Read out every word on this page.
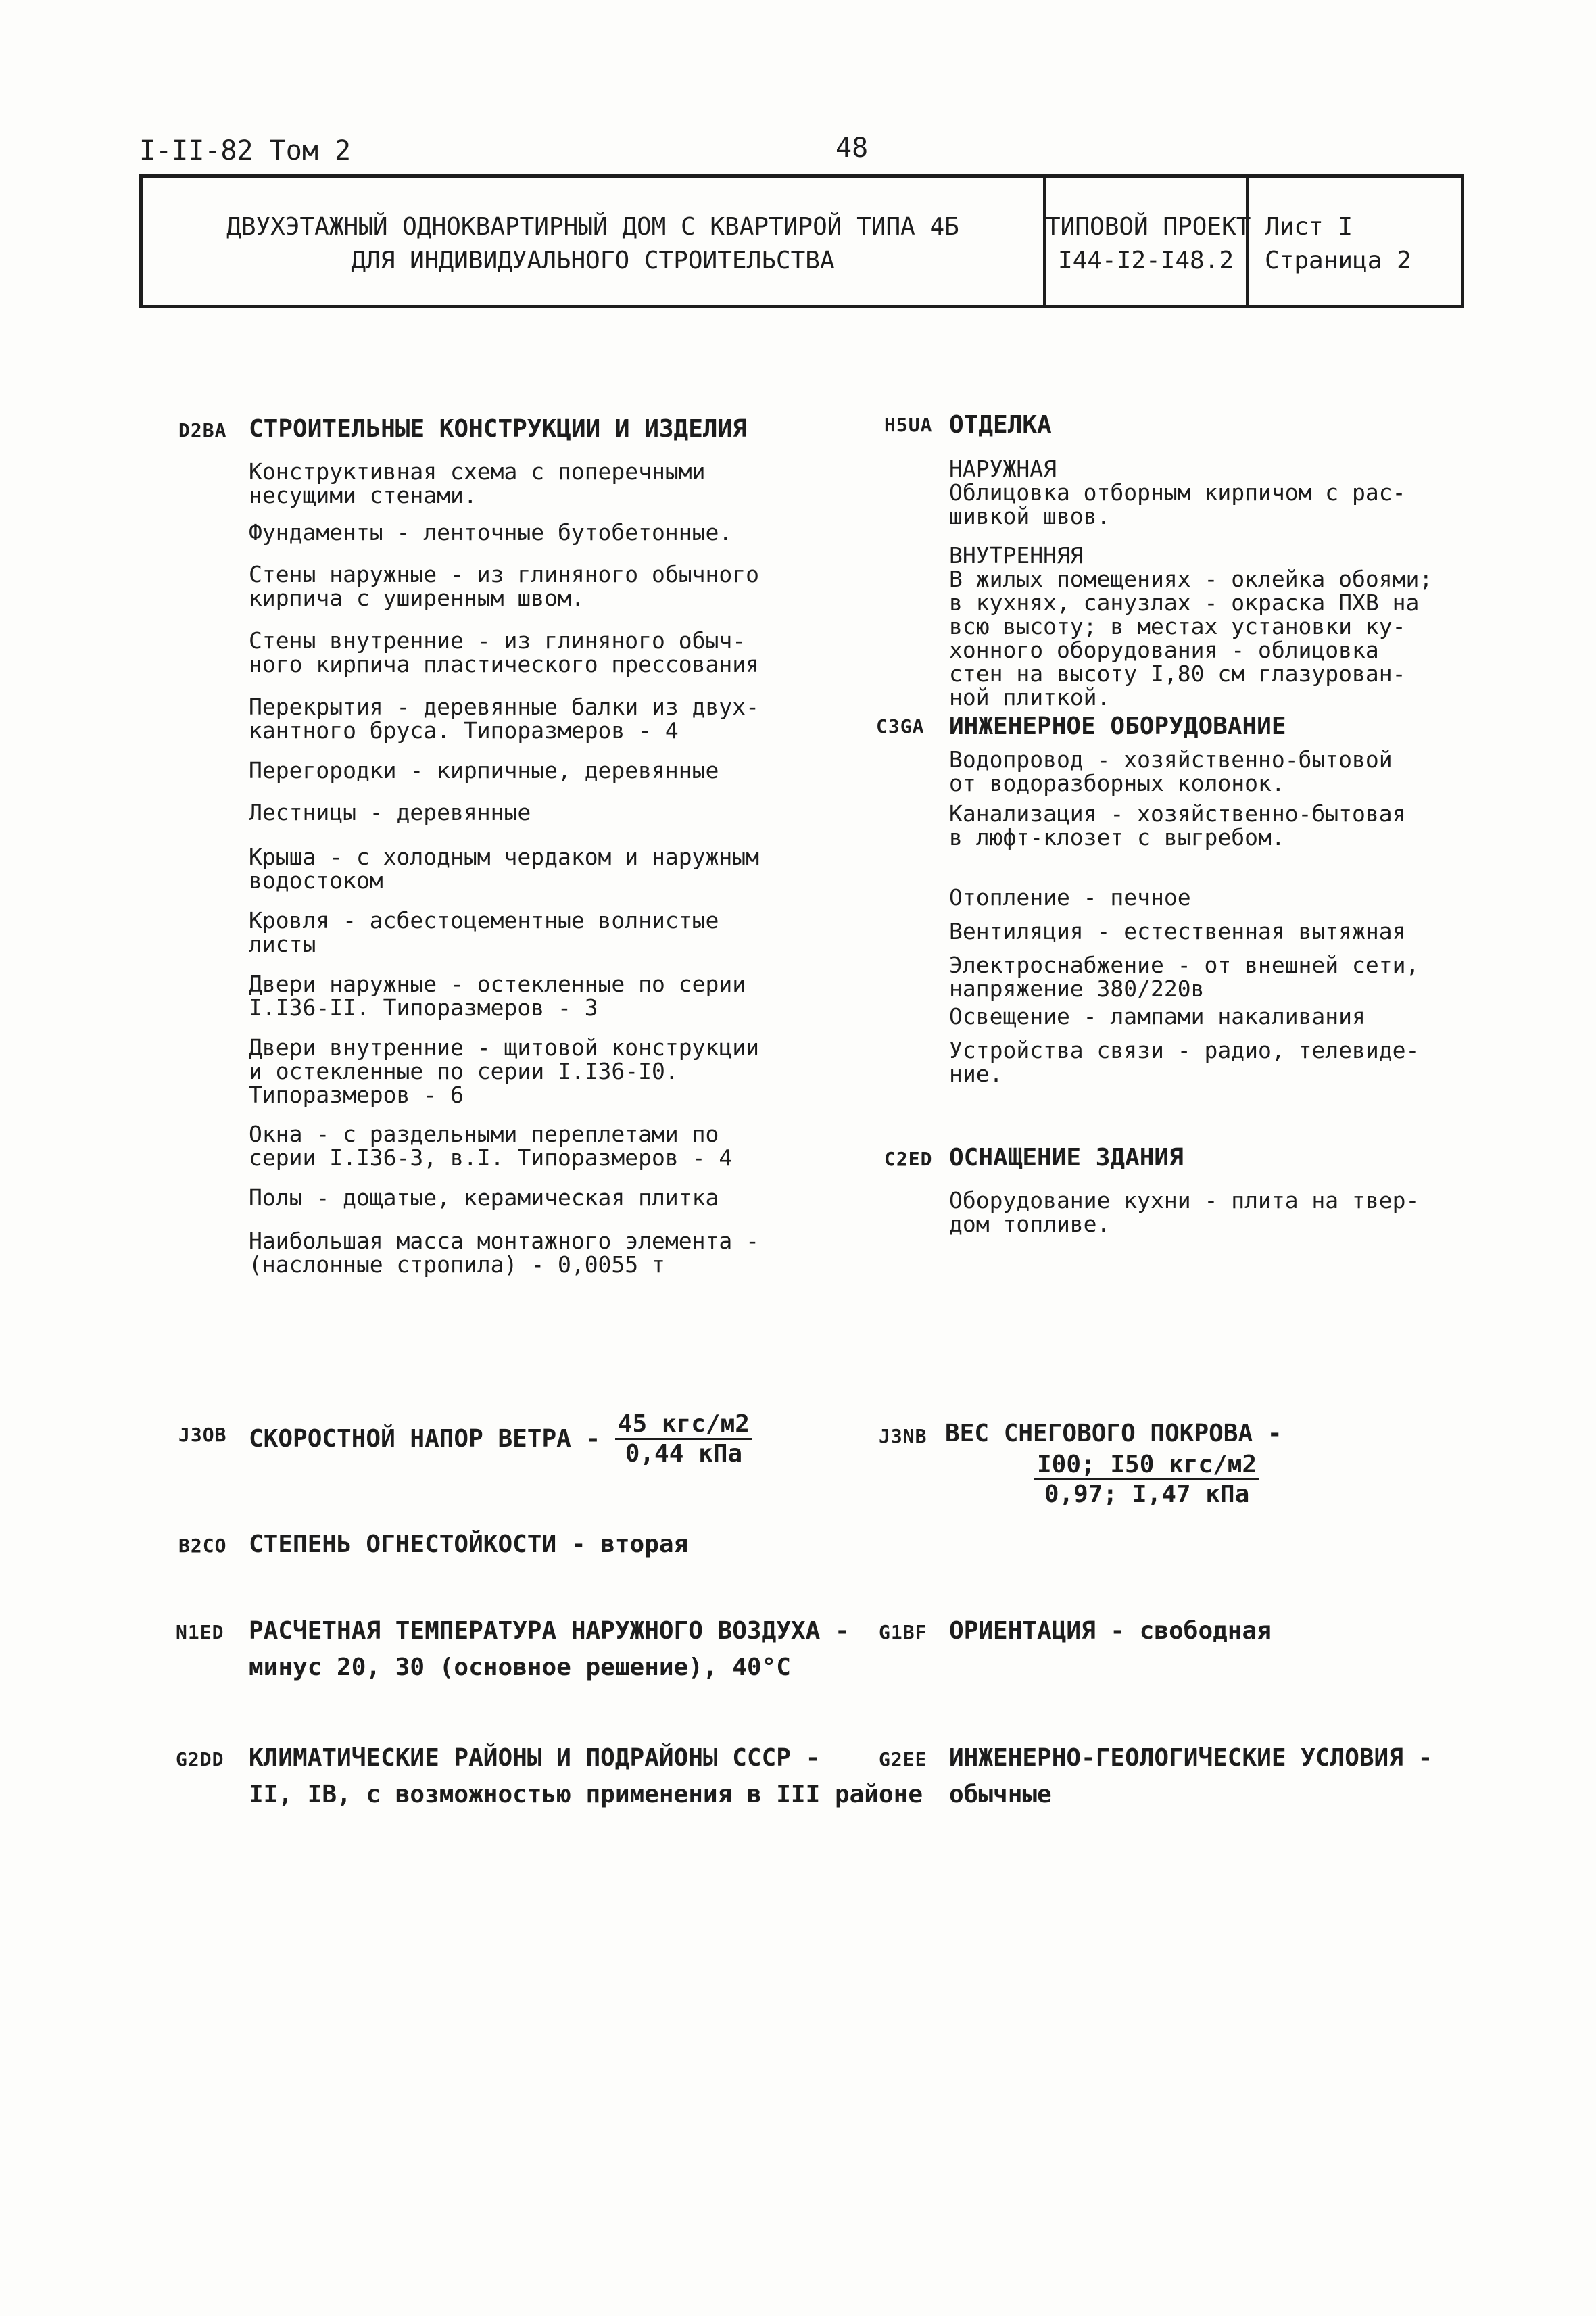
I-II-82 Том 2	48
ДВУХЭТАЖНЫЙ ОДНОКВАРТИРНЫЙ ДОМ С КВАРТИРОЙ ТИПА 4Б
ДЛЯ ИНДИВИДУАЛЬНОГО СТРОИТЕЛЬСТВА
ТИПОВОЙ ПРОЕКТ
I44-I2-I48.2
Лист I
Страница 2
D2BA СТРОИТЕЛЬНЫЕ КОНСТРУКЦИИ И ИЗДЕЛИЯ
Конструктивная схема с поперечными
несущими стенами.
Фундаменты - ленточные бутобетонные.
Стены наружные - из глиняного обычного
кирпича с уширенным швом.
Стены внутренние - из глиняного обыч-
ного кирпича пластического прессования
Перекрытия - деревянные балки из двух-
кантного бруса. Типоразмеров - 4
Перегородки - кирпичные, деревянные
Лестницы - деревянные
Крыша - с холодным чердаком и наружным
водостоком
Кровля - асбестоцементные волнистые
листы
Двери наружные - остекленные по серии
I.I36-II. Типоразмеров - 3
Двери внутренние - щитовой конструкции
и остекленные по серии I.I36-I0.
Типоразмеров - 6
Окна - с раздельными переплетами по
серии I.I36-3, в.I. Типоразмеров - 4
Полы - дощатые, керамическая плитка
Наибольшая масса монтажного элемента -
(наслонные стропила) - 0,0055 т
H5UA ОТДЕЛКА
НАРУЖНАЯ
Облицовка отборным кирпичом с рас-
шивкой швов.
ВНУТРЕННЯЯ
В жилых помещениях - оклейка обоями;
в кухнях, санузлах - окраска ПХВ на
всю высоту; в местах установки ку-
хонного оборудования - облицовка
стен на высоту I,80 см глазурован-
ной плиткой.
C3GA ИНЖЕНЕРНОЕ ОБОРУДОВАНИЕ
Водопровод - хозяйственно-бытовой
от водоразборных колонок.
Канализация - хозяйственно-бытовая
в люфт-клозет с выгребом.
Отопление - печное
Вентиляция - естественная вытяжная
Электроснабжение - от внешней сети,
напряжение 380/220в
Освещение - лампами накаливания
Устройства связи - радио, телевиде-
ние.
C2ED ОСНАЩЕНИЕ ЗДАНИЯ
Оборудование кухни - плита на твер-
дом топливе.
J3OB СКОРОСТНОЙ НАПОР ВЕТРА - $\frac{\text{45 кгс/м2}}{\text{0,44 кПа}}$	J3NB ВЕС СНЕГОВОГО ПОКРОВА -
$\frac{\text{I00; I50 кгс/м2}}{\text{0,97; I,47 кПа}}$
B2CO СТЕПЕНЬ ОГНЕСТОЙКОСТИ - вторая
N1ED РАСЧЕТНАЯ ТЕМПЕРАТУРА НАРУЖНОГО ВОЗДУХА -
минус 20, 30 (основное решение), 40°C
G1BF ОРИЕНТАЦИЯ - свободная
G2DD КЛИМАТИЧЕСКИЕ РАЙОНЫ И ПОДРАЙОНЫ СССР -
II, IB, с возможностью применения в III районе
G2EE ИНЖЕНЕРНО-ГЕОЛОГИЧЕСКИЕ УСЛОВИЯ -
обычные
